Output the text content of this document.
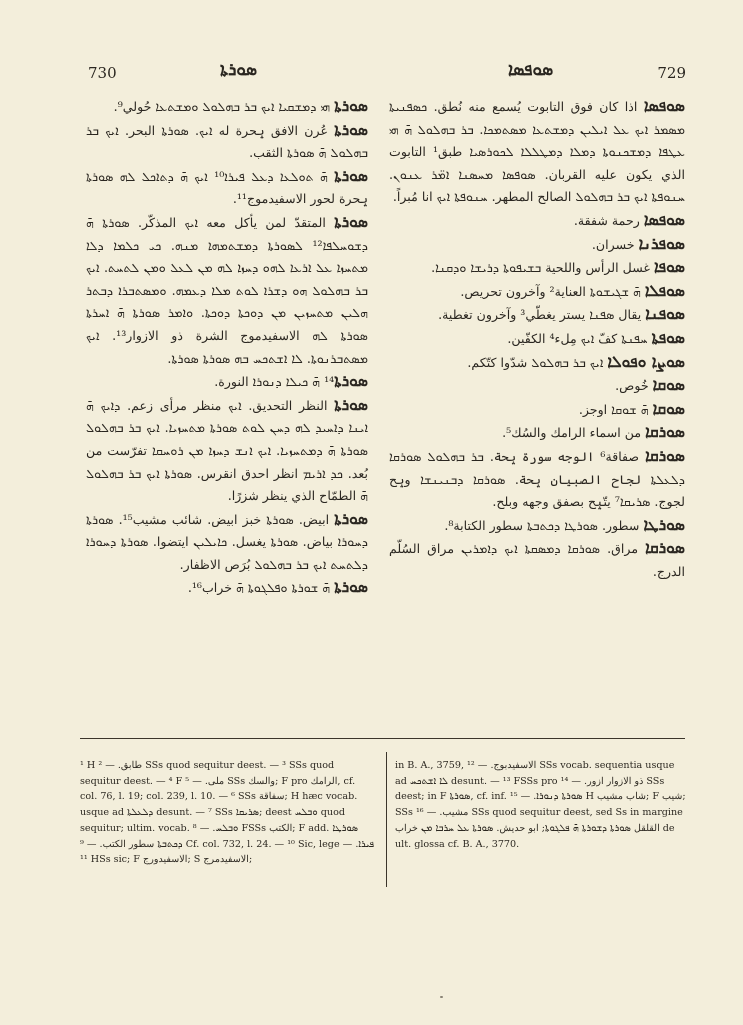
730	ܣܘܪܬܐ	ܣܘܦܣܐ	729

ܣܘܪܬܐ ܗܝ ܕܡܫܩܝܐ ܐܝܟ ܒܪ ܒܗܠܘܠ ܘܡܫܬܥܐ حُولي⁹.

ܣܘܪܬܐ عُرن الافق ݒحرة له ܐܝܟ. ܣܘܪܬܐ البحر. ܐܝܟ ܒܪ ܒܗܠܘܠ ܗ̄ ܣܘܪܬܐ الثقب.

ܣܘܪܬܐ ܗ̄ ܬܘܠܥܐ ܕܥܠ ܦܝܪܐ¹⁰ ܐܝܟ ܗ̄ ܕܬܐܟܠ ܠܗ ܣܘܪܬܐ ݒحرة لحور الاسفيدموج¹¹.

ܣܘܪܬܐ المتقدّ لمن يأكل معه ܐܝܟ المذكّر. ܣܘܪܬܐ ܗ̄ ܕܫܘܚܠܦܐ¹² ܠܣܘܪܬܐ ܕܡܫܬܡܗܐ ܡܢܗ. ܟܝ ܟܠܡܐ ܕܠܐ ܡܬܚܙܐ ܥܠ ܐܪܥܐ ܠܗܘ ܕܚܙܐ ܠܗ ܡܢ ܠܥܠ ܘܡܢ ܠܬܚܬ. ܐܝܟ ܒܪ ܒܗܠܘܠ ܗܘ ܕܫܪܐ ܠܘܬ ܡܠܐ ܕܥܡܗ. ܘܡܣܬܒܪܐ ܕܒܬܪ ܗܠܝܢ ܡܬܚܙܝܢ ܡܢ ܕܘܟܬܐ ܕܘܟܬܐ. ܘܐܡܪ ܣܘܪܬܐ ܗ̄ ܐܚܪܬܐ ܣܘܪܬܐ ܠܗ الاسفيدموج الشرة ذو الازوار¹³. ܐܝܟ ܡܣܬܒܪܢܘܬܐ. ܠܐ ܐܫܬܟܚ ܒܗ ܣܘܪܬܐ ܣܘܪܬܐ.

ܣܘܪܬܐ¹⁴ ܗ̄ ܟܝܠܐ ܕܢܘܪܐ النورة.

ܣܘܪܬܐ النظر التحديق. ܐܝܟ منظر مرأى زعم. ܕܐܝܟ ܗ̄ ܐܝܢܐ ܕܐܚܝܕ ܠܗ ܕܚܢ ܠܘܬ ܣܘܪܬܐ ܡܬܚܙܝܐ. ܐܝܟ ܒܪ ܒܗܠܘܠ ܣܘܪܬܐ ܗ̄ ܕܡܬܚܙܝܐ. ܐܝܟ ܐܢܫ ܕܚܙܐ ܡܢ ܪܘܚܩܐ تفرّست من بُعد. ܟܕ ܐܪܝܡ انظر احدق انقرس. ܣܘܪܬܐ ܐܝܟ ܒܪ ܒܗܠܘܠ ܗ̄ الطمّاح الذي ينظر شزرًا.

ܣܘܪܬܐ ابيض. ܣܘܪܬܐ خبز ابيض. شائب مشيب¹⁵. ܣܘܪܬܐ ܕܚܘܪܐ بياض. ܣܘܪܬܐ يغسل. ܟܐܝܠܝܢ ايتضوا. ܣܘܪܬܐ ܕܚܘܪܐ ܕܠܬܚܬ ܐܝܟ ܒܪ ܒܗܠܘܠ بُرَص الاظفار.

ܣܘܪܬܐ ܗ̄ ܫܘܪܬܐ ܘܦܠܓܘܬܐ ܗ̄ خراب¹⁶.

ܣܘܦܣܐ اذا كان فوق التابوت يُسمع منه نُطق. ܟܣܦܢܝܬܐ ܡܣܡܪ ܐܝܟ ܥܠ ܐܝܠܝܢ ܕܡܫܬܥܐ ܡܣܬܡܟܐ. ܒܪ ܒܗܠܘܠ ܗ̄ ܗܝ ܥܛܦܐ ܕܡܫܟܢܘܬܐ ܕܡܠܐ ܕܡܛܠܠܐ ܠܟܘܪܣܝܐ طبق¹ التابوت الذي يكون عليه القربان. ܣܘܦܣܐ ܡܚܣܢܐ ܐܡ̈ܪ ܥܢܘܢ. ܚܢܘܦܬܐ ܐܝܟ ܒܪ ܒܗܠܘܠ الصالح المطهر. ܚܢܘܦܬܐ ܐܝܟ انا مُبراً.

ܣܘܦܣܐ رحمة شفقة.

ܣܘܦܪܢܐ خسران.

ܣܘܦܐ غسل الرأس واللحية ܒܫܝܦܘܬܐ ܕܪܝܫܐ ܘܕܩܢܐ.

ܣܘܦܠܐ ܗ̄ ܫܓܝܫܘܬܐ العناية² وآخرون تحريص.

ܣܘܦܢܐ يقال ܣܦܢܐ يستر يغطّي³ وآخرون تغطية.

ܣܘܦܬܐ ܚܦܢܬܐ كفّ ܐܝܟ مِلء⁴ الكفّين.

ܣܘܨܐ ܘܦܘܠܐ ܐܝܟ ܒܪ ܒܗܠܘܠ شدّوا كتّكم.

ܣܘܩܐ خُوص.

ܣܘܩܐ ܗ̄ ܫܘܩܐ اوجز.

ܣܘܪܩܐ من اسماء الرامك والسُك⁵.

ܣܘܪܩܐ صفاقة⁶ الوجه سورة ݒحة. ܒܪ ܒܗܠܘܠ ܣܘܪܩܐ ܕܠܥܠܬܐ لجاح الصبيان ݒحة. ܣܘܪܩܐ ܕܒܢܝܢܫܐ وݒح لجوج. ܣܪܝܩܐ⁷ يتّݒح بصفق وجهه وبلح.

ܣܘܪܛܐ سطور. ܣܘܪܛܐ ܕܟܬܒܬܐ سطور الكتابة⁸.

ܣܘܪܩܐ مراق. ܣܘܪܩܐ ܕܡܣܩܬܐ ܐܝܟ ܕܐܡܪܝܢ مراق السُلّم الدرج.

¹ H طابق. — ² SSs quod sequitur deest. — ³ SSs quod sequitur deest. — ⁴ F ملى. — ⁵ SSs والسك; F pro الرامك, cf. col. 76, l. 19; col. 239, l. 10. — ⁶ SSs سفاقة; H hæc vocab. usque ad ܕܠܥܠܬܐ desunt. — ⁷ SSs ܣܪܝܩܐ; deest ܘܒܠܚ quod sequitur; ultim. vocab. ܘܒܠܚ. — ⁸ FSSs الكتب; F add. ܣܘܪܛܐ ܕܟܬܒܬܐ سطور الكتب. — ⁹ Cf. col. 732, l. 24. — ¹⁰ Sic, lege ܦܝܪܐ. — ¹¹ HSs sic; F الاسفيدورج; S الاسفيدمرج;

in B. A., 3759, الاسفيدبوج. — ¹² SSs vocab. sequentia usque ad ܠܐ ܐܫܬܟܚ desunt. — ¹³ FSSs pro ذو الازوار ازور. — ¹⁴ SSs deest; in F ܣܘܪܬܐ, cf. inf. ܣܘܪܬܐ ܕܢܘܪܐ. — ¹⁵ H شاب مشيب; F شيب; SSs مشيب. — ¹⁶ SSs quod sequitur deest, sed Ss in margine القلقل ܣܘܪܬܐ ܕܫܘܪܬܐ ܗ̄ ܦܠܓܘܬܐ; ابو حديش. ܣܘܪܬܐ ܥܠ ܚܪܒܐ ܡܢ خراب de ult. glossa cf. B. A., 3770.
